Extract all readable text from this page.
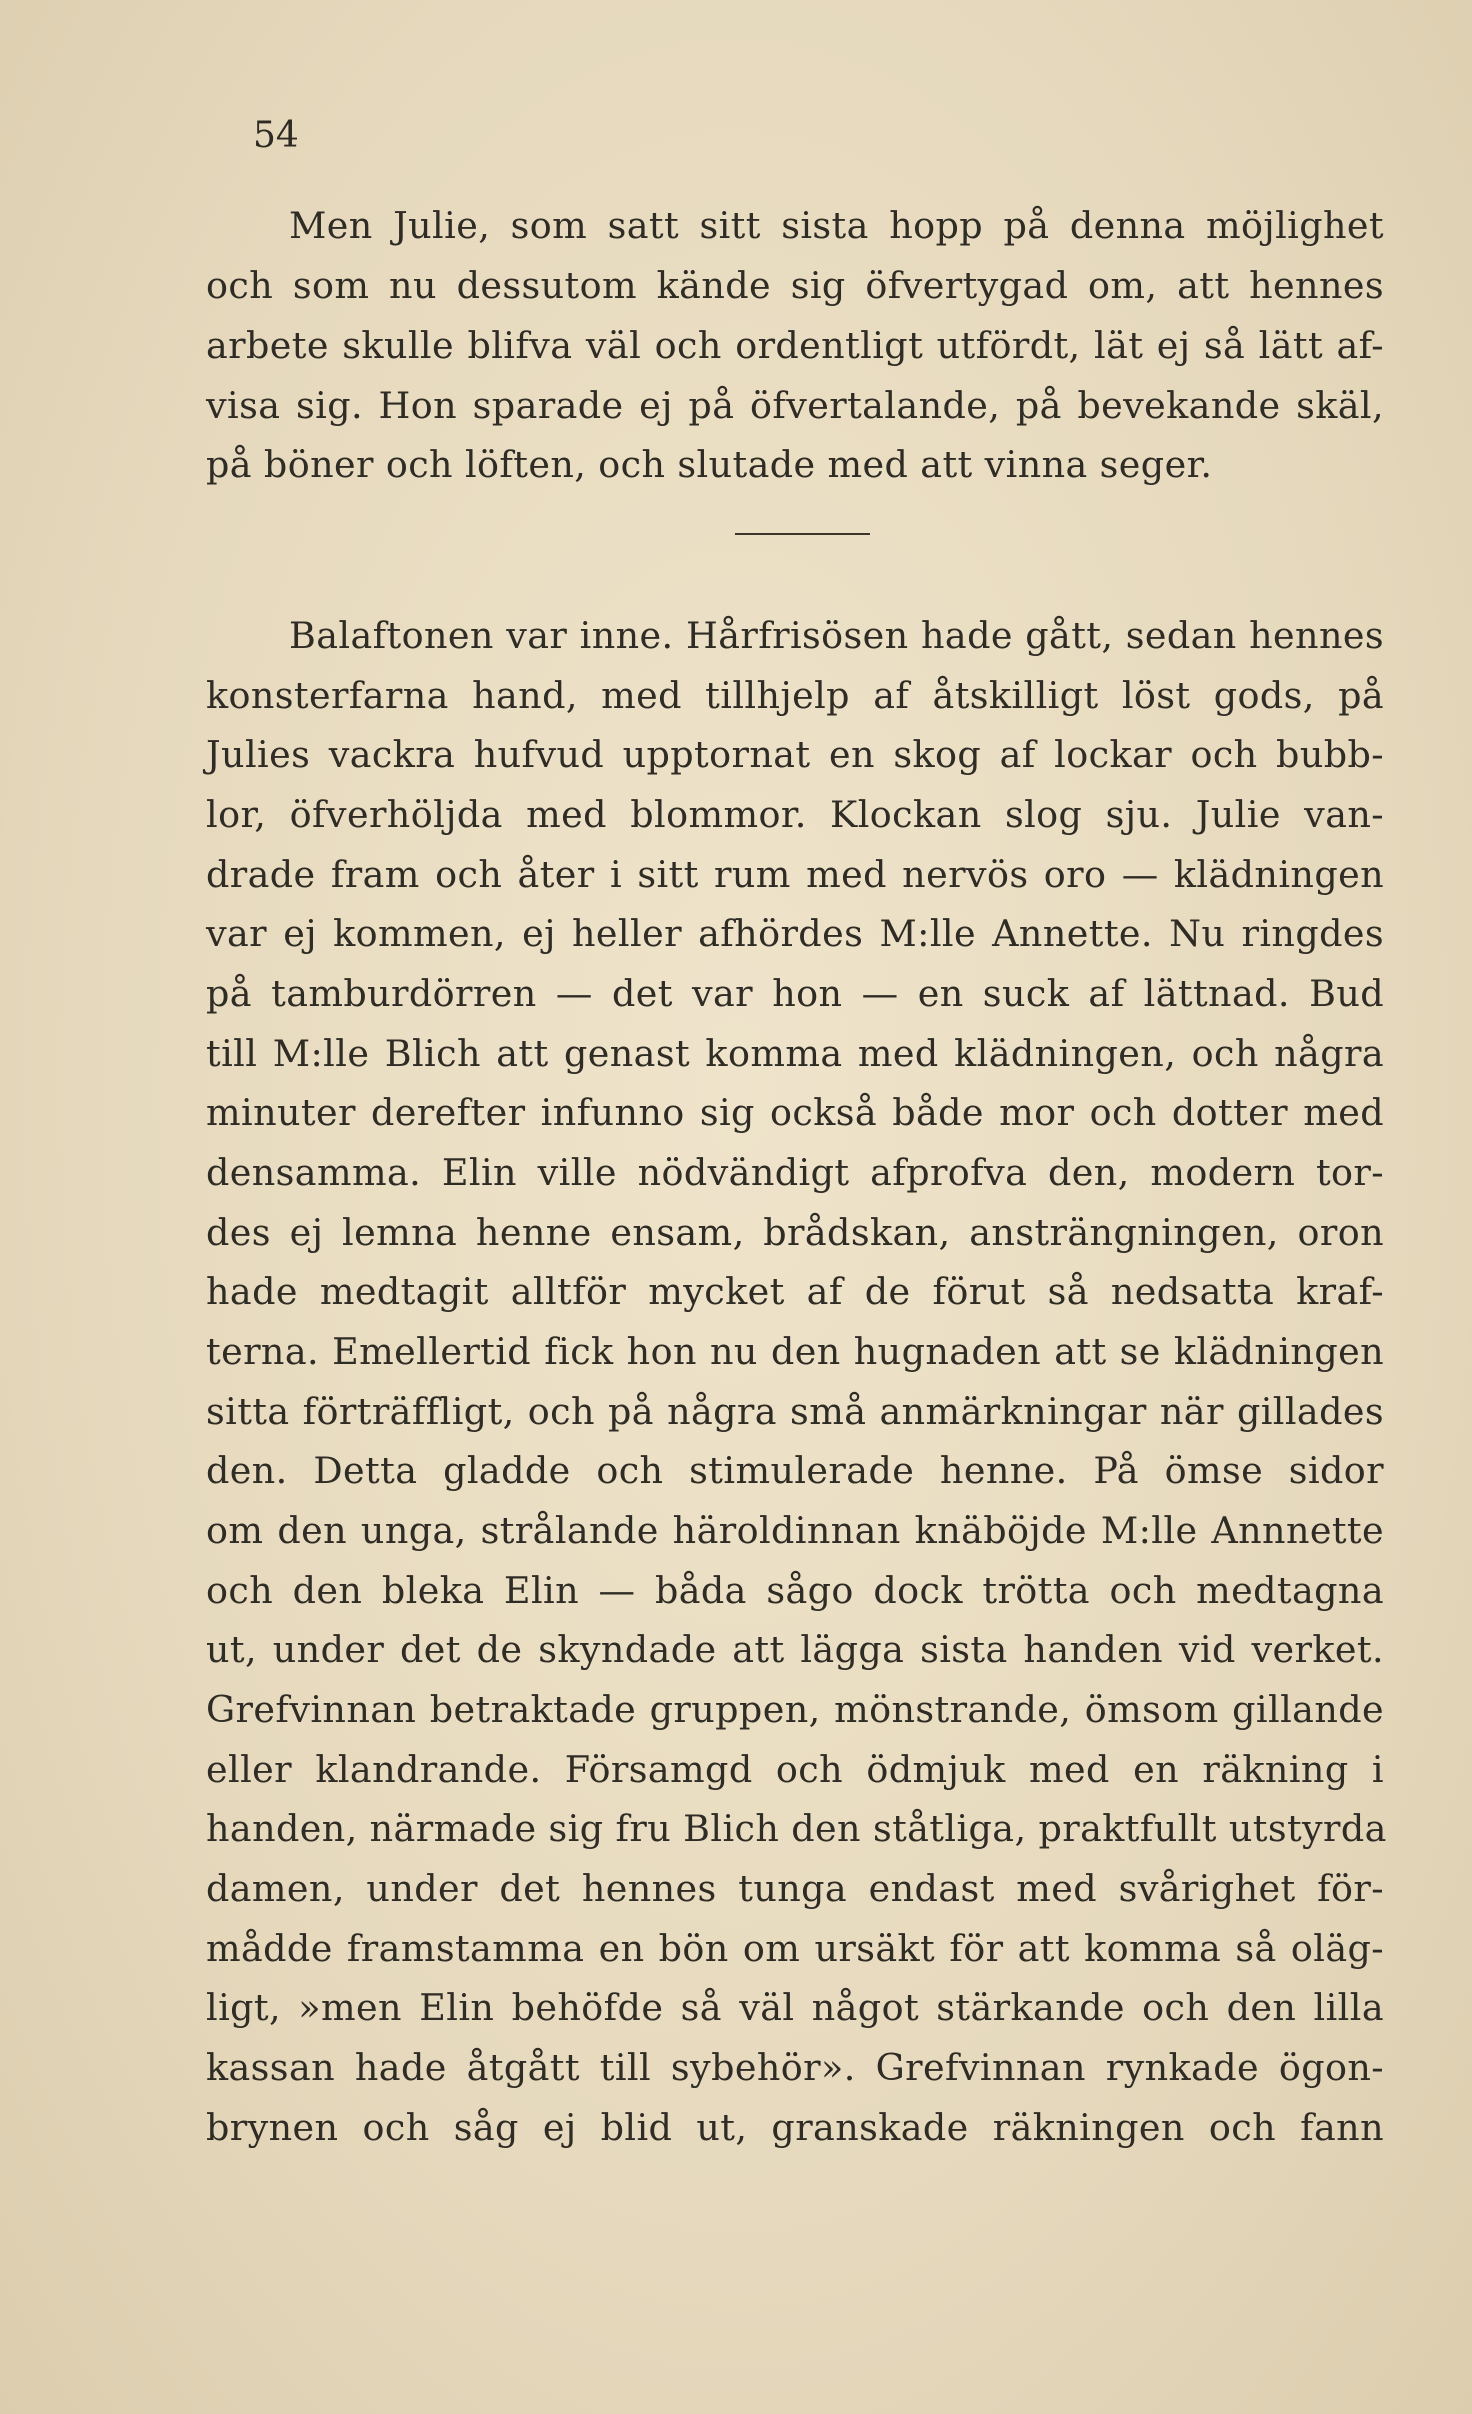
54
Men Julie, som satt sitt sista hopp på denna möjlighet
och som nu dessutom kände sig öfvertygad om, att hennes
arbete skulle blifva väl och ordentligt utfördt, lät ej så lätt af-
visa sig. Hon sparade ej på öfvertalande, på bevekande skäl,
på böner och löften, och slutade med att vinna seger.
Balaftonen var inne. Hårfrisösen hade gått, sedan hennes
konsterfarna hand, med tillhjelp af åtskilligt löst gods, på
Julies vackra hufvud upptornat en skog af lockar och bubb-
lor, öfverhöljda med blommor. Klockan slog sju. Julie van-
drade fram och åter i sitt rum med nervös oro — klädningen
var ej kommen, ej heller afhördes M:lle Annette. Nu ringdes
på tamburdörren — det var hon — en suck af lättnad. Bud
till M:lle Blich att genast komma med klädningen, och några
minuter derefter infunno sig också både mor och dotter med
densamma. Elin ville nödvändigt afprofva den, modern tor-
des ej lemna henne ensam, brådskan, ansträngningen, oron
hade medtagit alltför mycket af de förut så nedsatta kraf-
terna. Emellertid fick hon nu den hugnaden att se klädningen
sitta förträffligt, och på några små anmärkningar när gillades
den. Detta gladde och stimulerade henne. På ömse sidor
om den unga, strålande häroldinnan knäböjde M:lle Annnette
och den bleka Elin — båda sågo dock trötta och medtagna
ut, under det de skyndade att lägga sista handen vid verket.
Grefvinnan betraktade gruppen, mönstrande, ömsom gillande
eller klandrande. Församgd och ödmjuk med en räkning i
handen, närmade sig fru Blich den ståtliga, praktfullt utstyrda
damen, under det hennes tunga endast med svårighet för-
mådde framstamma en bön om ursäkt för att komma så oläg-
ligt, »men Elin behöfde så väl något stärkande och den lilla
kassan hade åtgått till sybehör». Grefvinnan rynkade ögon-
brynen och såg ej blid ut, granskade räkningen och fann
